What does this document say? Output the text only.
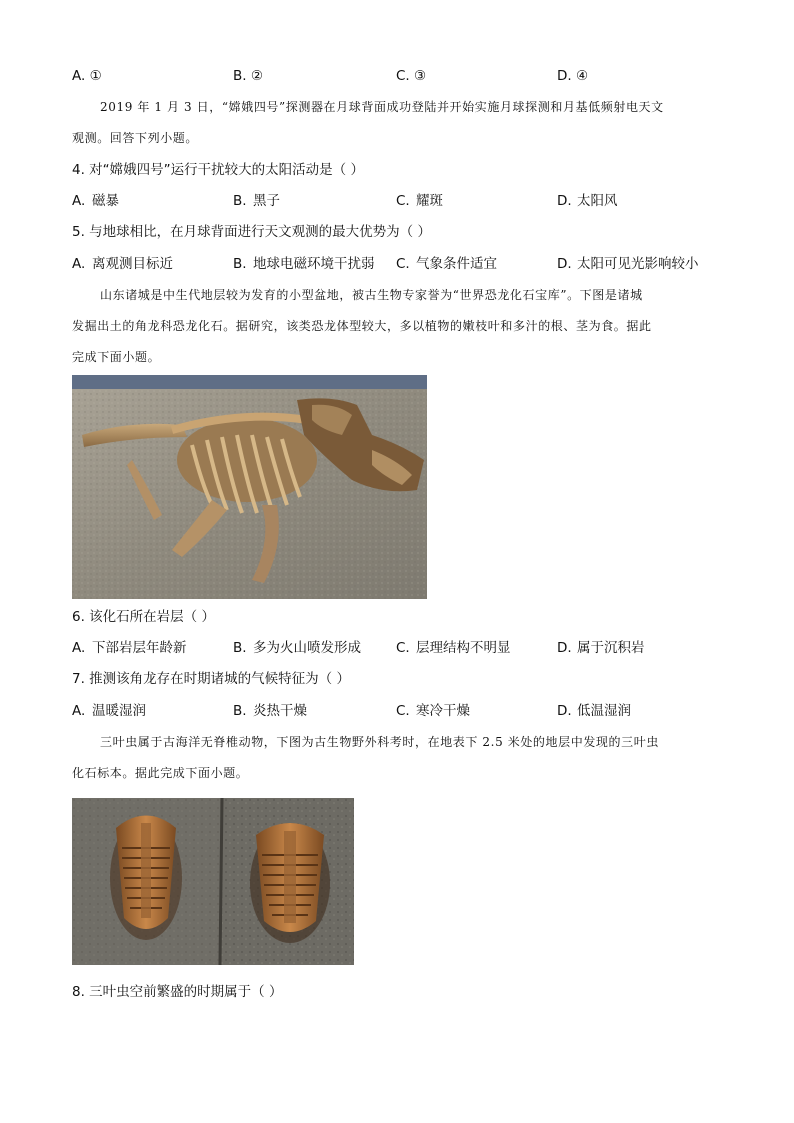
A. ①	B. ②	C. ③	D. ④
2019 年 1 月 3 日，“嫦娥四号”探测器在月球背面成功登陆并开始实施月球探测和月基低频射电天文
观测。回答下列小题。
4. 对“嫦娥四号”运行干扰较大的太阳活动是（ ）
A. 磁暴	B. 黑子	C. 耀斑	D. 太阳风
5. 与地球相比，在月球背面进行天文观测的最大优势为（ ）
A. 离观测目标近	B. 地球电磁环境干扰弱 C. 气象条件适宜	D. 太阳可见光影响较小
山东诸城是中生代地层较为发育的小型盆地，被古生物专家誉为“世界恐龙化石宝库”。下图是诸城
发掘出土的角龙科恐龙化石。据研究，该类恐龙体型较大，多以植物的嫩枝叶和多汁的根、茎为食。据此
完成下面小题。
6. 该化石所在岩层（ ）
A. 下部岩层年龄新	B. 多为火山喷发形成	C. 层理结构不明显	D. 属于沉积岩
7. 推测该角龙存在时期诸城的气候特征为（ ）
A. 温暖湿润	B. 炎热干燥	C. 寒冷干燥	D. 低温湿润
三叶虫属于古海洋无脊椎动物，下图为古生物野外科考时，在地表下 2.5 米处的地层中发现的三叶虫
化石标本。据此完成下面小题。
8. 三叶虫空前繁盛的时期属于（ ）
